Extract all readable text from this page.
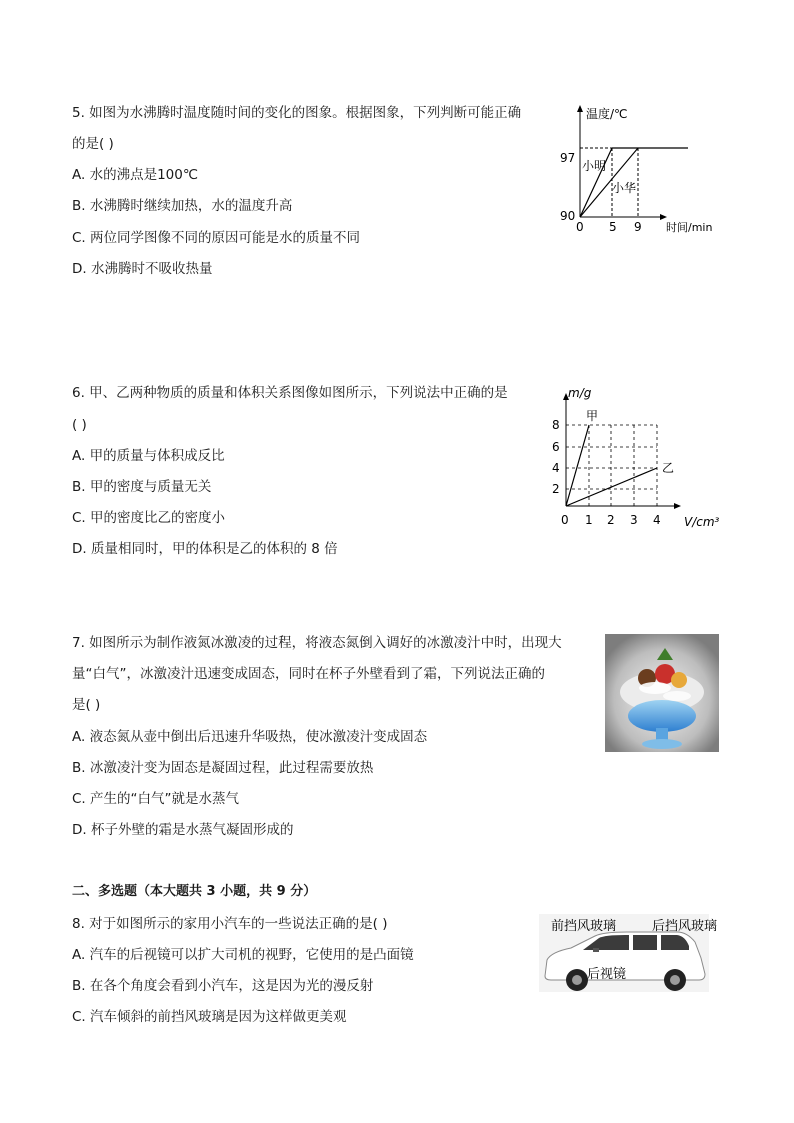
5. 如图为水沸腾时温度随时间的变化的图象。根据图象，下列判断可能正确
的是( )
A. 水的沸点是100℃
B. 水沸腾时继续加热，水的温度升高
C. 两位同学图像不同的原因可能是水的质量不同
D. 水沸腾时不吸收热量
温度/℃
97
90
0 5 9 时间/min
小明
小华
6. 甲、乙两种物质的质量和体积关系图像如图所示，下列说法中正确的是
( )
A. 甲的质量与体积成反比
B. 甲的密度与质量无关
C. 甲的密度比乙的密度小
D. 质量相同时，甲的体积是乙的体积的 8 倍
m/g
8
6
4
2
0 1 2 3 4 V/cm³
甲
乙
7. 如图所示为制作液氮冰激凌的过程，将液态氮倒入调好的冰激凌汁中时，出现大
量“白气”，冰激凌汁迅速变成固态，同时在杯子外壁看到了霜，下列说法正确的
是( )
A. 液态氮从壶中倒出后迅速升华吸热，使冰激凌汁变成固态
B. 冰激凌汁变为固态是凝固过程，此过程需要放热
C. 产生的“白气”就是水蒸气
D. 杯子外壁的霜是水蒸气凝固形成的
二、多选题（本大题共 3 小题，共 9 分）
8. 对于如图所示的家用小汽车的一些说法正确的是( )
A. 汽车的后视镜可以扩大司机的视野，它使用的是凸面镜
B. 在各个角度会看到小汽车，这是因为光的漫反射
C. 汽车倾斜的前挡风玻璃是因为这样做更美观
前挡风玻璃	后挡风玻璃
后视镜
